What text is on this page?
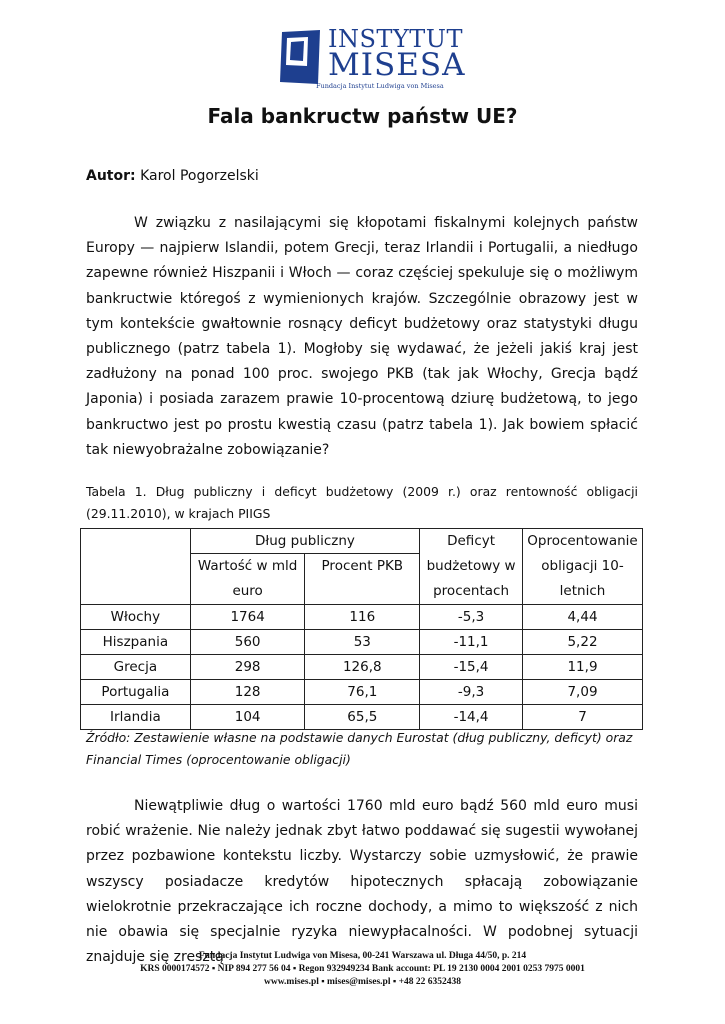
INSTYTUT
MISESA
Fundacja Instytut Ludwiga von Misesa
Fala bankructw państw UE?
Autor: Karol Pogorzelski

W związku z nasilającymi się kłopotami fiskalnymi kolejnych państw Europy — najpierw Islandii, potem Grecji, teraz Irlandii i Portugalii, a niedługo zapewne również Hiszpanii i Włoch — coraz częściej spekuluje się o możliwym bankructwie któregoś z wymienionych krajów. Szczególnie obrazowy jest w tym kontekście gwałtownie rosnący deficyt budżetowy oraz statystyki długu publicznego (patrz tabela 1). Mogłoby się wydawać, że jeżeli jakiś kraj jest zadłużony na ponad 100 proc. swojego PKB (tak jak Włochy, Grecja bądź Japonia) i posiada zarazem prawie 10-procentową dziurę budżetową, to jego bankructwo jest po prostu kwestią czasu (patrz tabela 1). Jak bowiem spłacić tak niewyobrażalne zobowiązanie?

Tabela 1. Dług publiczny i deficyt budżetowy (2009 r.) oraz rentowność obligacji (29.11.2010), w krajach PIIGS

	Dług publiczny		Deficyt budżetowy w procentach	Oprocentowanie obligacji 10-letnich
	Wartość w mld euro	Procent PKB		

Włochy	1764	116	-5,3	4,44
Hiszpania	560	53	-11,1	5,22
Grecja	298	126,8	-15,4	11,9
Portugalia	128	76,1	-9,3	7,09
Irlandia	104	65,5	-14,4	7

Źródło: Zestawienie własne na podstawie danych Eurostat (dług publiczny, deficyt) oraz Financial Times (oprocentowanie obligacji)

Niewątpliwie dług o wartości 1760 mld euro bądź 560 mld euro musi robić wrażenie. Nie należy jednak zbyt łatwo poddawać się sugestii wywołanej przez pozbawione kontekstu liczby. Wystarczy sobie uzmysłowić, że prawie wszyscy posiadacze kredytów hipotecznych spłacają zobowiązanie wielokrotnie przekraczające ich roczne dochody, a mimo to większość z nich nie obawia się specjalnie ryzyka niewypłacalności. W podobnej sytuacji znajduje się zresztą

Fundacja Instytut Ludwiga von Misesa, 00-241 Warszawa ul. Długa 44/50, p. 214
KRS 0000174572 ▪ NIP 894 277 56 04 ▪ Regon 932949234 Bank account: PL 19 2130 0004 2001 0253 7975 0001
www.mises.pl ▪ mises@mises.pl ▪ +48 22 6352438
